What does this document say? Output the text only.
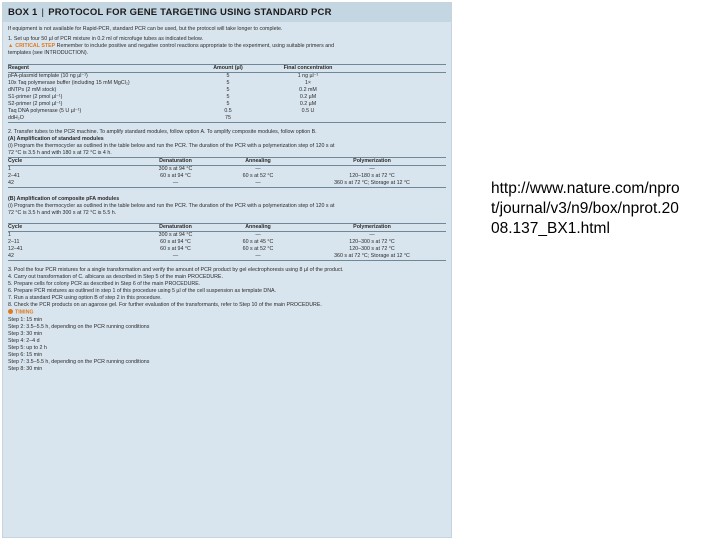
BOX 1 | PROTOCOL FOR GENE TARGETING USING STANDARD PCR

If equipment is not available for Rapid-PCR, standard PCR can be used, but the protocol will take longer to complete.

1. Set up four 50 µl of PCR mixture in 0.2 ml of microfuge tubes as indicated below.

▲ CRITICAL STEP Remember to include positive and negative control reactions appropriate to the experiment, using suitable primers and

templates (see INTRODUCTION).

Reagent	Amount (µl)	Final concentration	
pFA-plasmid template (10 ng µl⁻¹)	5	1 ng µl⁻¹	
10x Taq polymerase buffer (including 15 mM MgCl₂)	5	1×	
dNTPs (2 mM stock)	5	0.2 mM	
S1-primer (2 pmol µl⁻¹)	5	0.2 µM	
S2-primer (2 pmol µl⁻¹)	5	0.2 µM	
Taq DNA polymerase (5 U µl⁻¹)	0.5	0.5 U	
ddH₂O	75		

2. Transfer tubes to the PCR machine. To amplify standard modules, follow option A. To amplify composite modules, follow option B.

(A) Amplification of standard modules

(i) Program the thermocycler as outlined in the table below and run the PCR. The duration of the PCR with a polymerization step of 120 s at

72 °C is 3.5 h and with 180 s at 72 °C is 4 h.

Cycle	Denaturation	Annealing	Polymerization
1	300 s at 94 °C	—	—
2–41	60 s at 94 °C	60 s at 52 °C	120–180 s at 72 °C
42	—	—	360 s at 72 °C; Storage at 12 °C

(B) Amplification of composite pFA modules

(i) Program the thermocycler as outlined in the table below and run the PCR. The duration of the PCR with a polymerization step of 120 s at

72 °C is 3.5 h and with 300 s at 72 °C is 5.5 h.

Cycle	Denaturation	Annealing	Polymerization
1	300 s at 94 °C	—	—
2–11	60 s at 94 °C	60 s at 45 °C	120–300 s at 72 °C
12–41	60 s at 94 °C	60 s at 52 °C	120–300 s at 72 °C
42	—	—	360 s at 72 °C; Storage at 12 °C

3. Pool the four PCR mixtures for a single transformation and verify the amount of PCR product by gel electrophoresis using 8 µl of the product.

4. Carry out transformation of C. albicans as described in Step 5 of the main PROCEDURE.

5. Prepare cells for colony PCR as described in Step 6 of the main PROCEDURE.

6. Prepare PCR mixtures as outlined in step 1 of this procedure using 5 µl of the cell suspension as template DNA.

7. Run a standard PCR using option B of step 2 in this procedure.

8. Check the PCR products on an agarose gel. For further evaluation of the transformants, refer to Step 10 of the main PROCEDURE.

TIMING

Step 1: 15 min

Step 2: 3.5–5.5 h, depending on the PCR running conditions

Step 3: 30 min

Step 4: 2–4 d

Step 5: up to 2 h

Step 6: 15 min

Step 7: 3.5–5.5 h, depending on the PCR running conditions

Step 8: 30 min

http://www.nature.com/npro
t/journal/v3/n9/box/nprot.20
08.137_BX1.html
